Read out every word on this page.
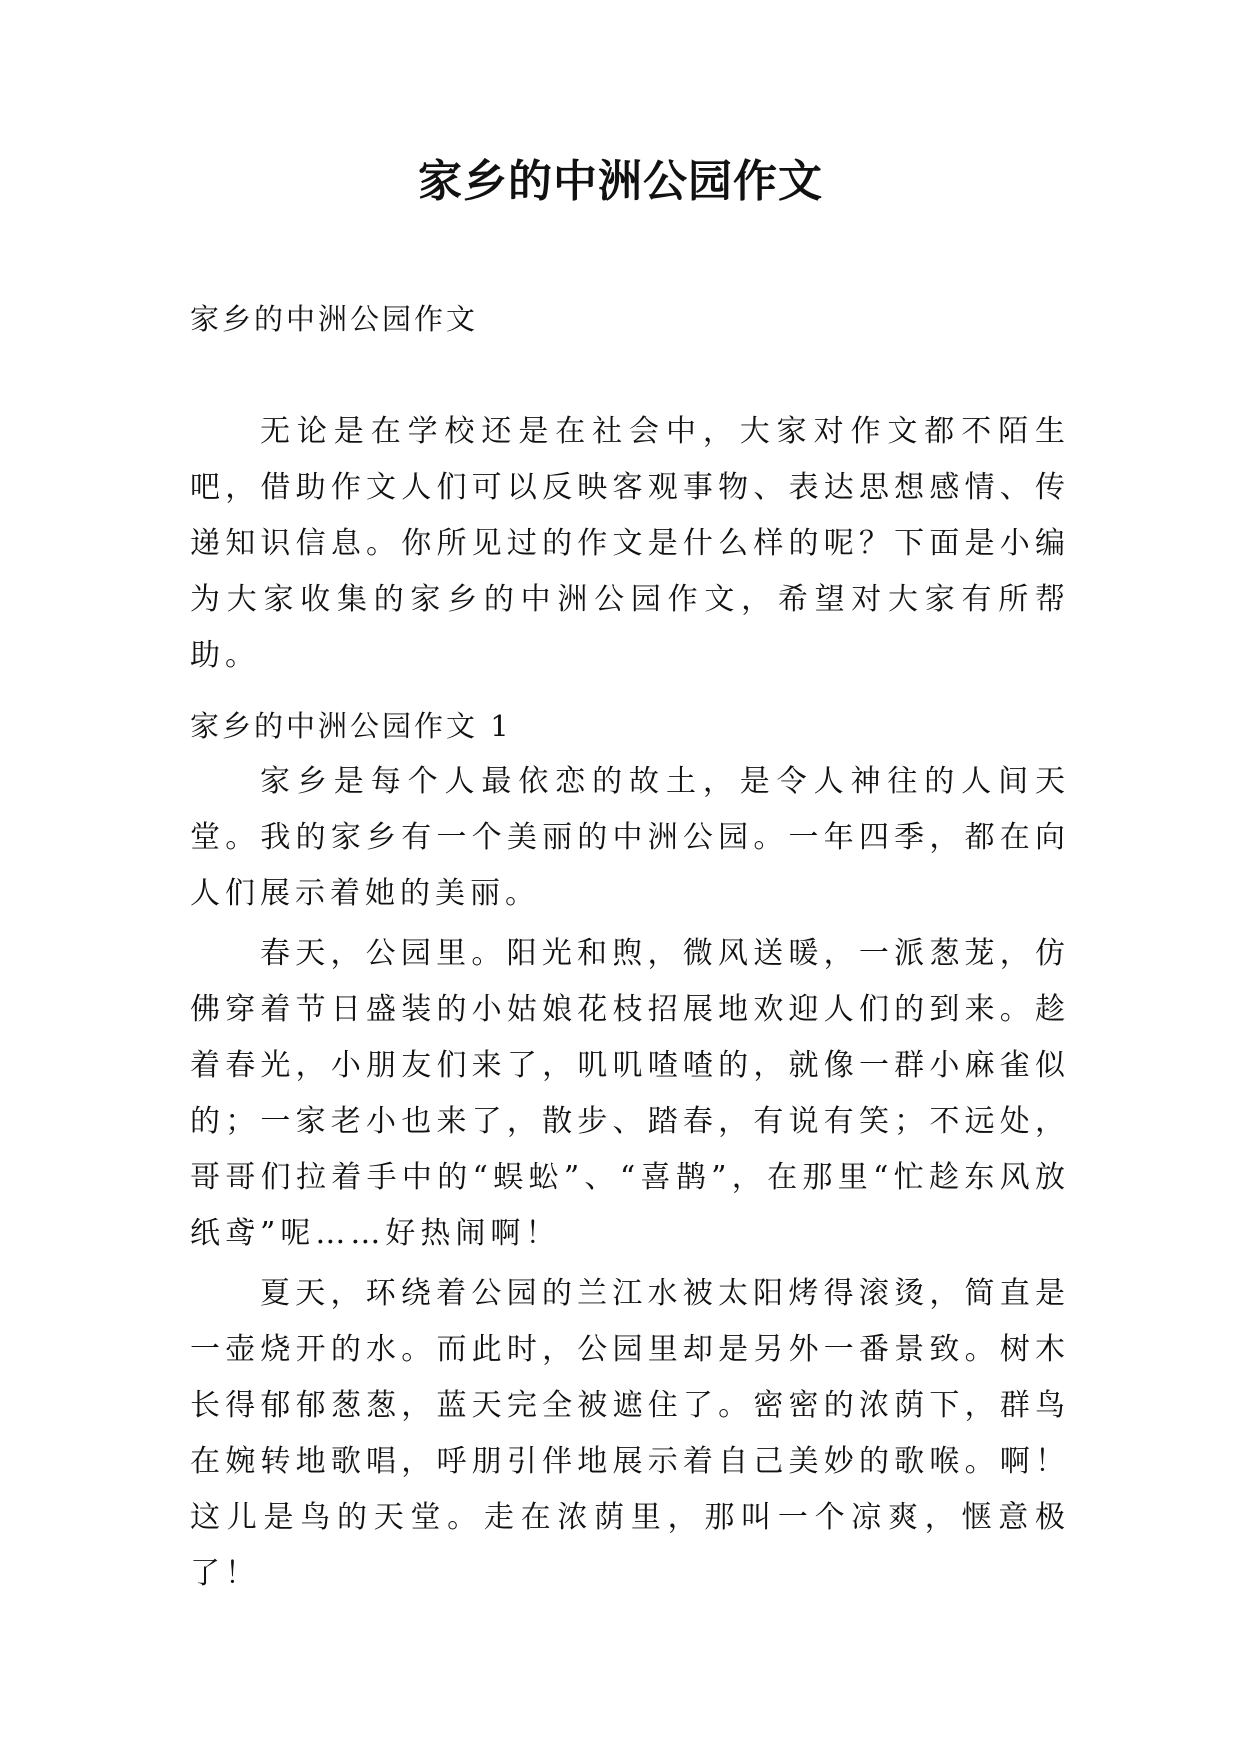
家乡的中洲公园作文
家乡的中洲公园作文

无论是在学校还是在社会中，大家对作文都不陌生吧，借助作文人们可以反映客观事物、表达思想感情、传递知识信息。你所见过的作文是什么样的呢？下面是小编为大家收集的家乡的中洲公园作文，希望对大家有所帮助。

家乡的中洲公园作文 1

家乡是每个人最依恋的故土，是令人神往的人间天堂。我的家乡有一个美丽的中洲公园。一年四季，都在向人们展示着她的美丽。

春天，公园里。阳光和煦，微风送暖，一派葱茏，仿佛穿着节日盛装的小姑娘花枝招展地欢迎人们的到来。趁着春光，小朋友们来了，叽叽喳喳的，就像一群小麻雀似的；一家老小也来了，散步、踏春，有说有笑；不远处，哥哥们拉着手中的“蜈蚣”、“喜鹊”，在那里“忙趁东风放纸鸢”呢……好热闹啊！

夏天，环绕着公园的兰江水被太阳烤得滚烫，简直是一壶烧开的水。而此时，公园里却是另外一番景致。树木长得郁郁葱葱，蓝天完全被遮住了。密密的浓荫下，群鸟在婉转地歌唱，呼朋引伴地展示着自己美妙的歌喉。啊！这儿是鸟的天堂。走在浓荫里，那叫一个凉爽，惬意极了！
